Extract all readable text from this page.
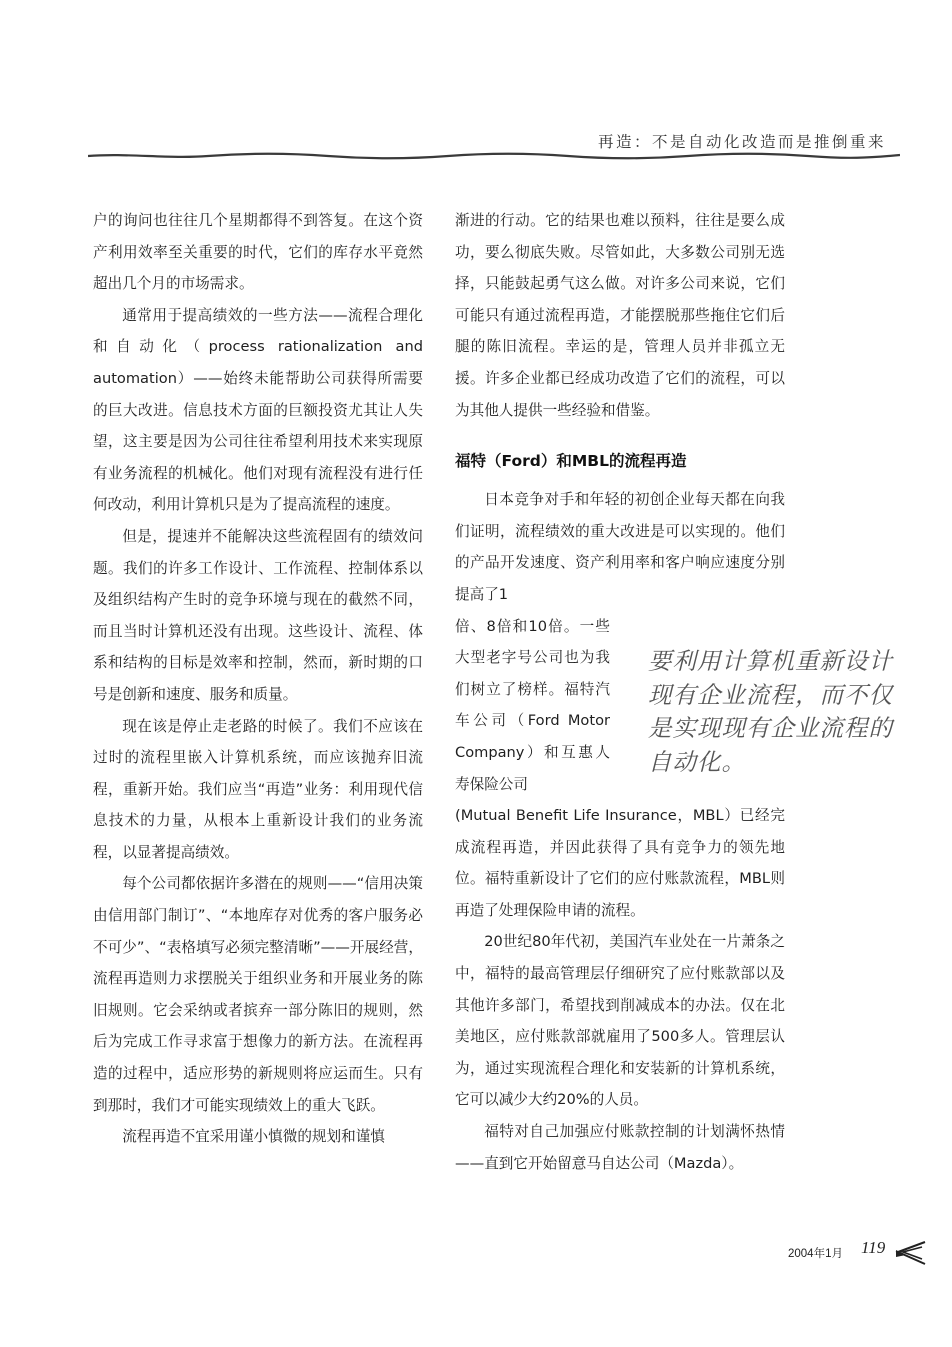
再造：不是自动化改造而是推倒重来

户的询问也往往几个星期都得不到答复。在这个资产利用效率至关重要的时代，它们的库存水平竟然超出几个月的市场需求。

通常用于提高绩效的一些方法——流程合理化和自动化（process rationalization and automation）——始终未能帮助公司获得所需要的巨大改进。信息技术方面的巨额投资尤其让人失望，这主要是因为公司往往希望利用技术来实现原有业务流程的机械化。他们对现有流程没有进行任何改动，利用计算机只是为了提高流程的速度。

但是，提速并不能解决这些流程固有的绩效问题。我们的许多工作设计、工作流程、控制体系以及组织结构产生时的竞争环境与现在的截然不同，而且当时计算机还没有出现。这些设计、流程、体系和结构的目标是效率和控制，然而，新时期的口号是创新和速度、服务和质量。

现在该是停止走老路的时候了。我们不应该在过时的流程里嵌入计算机系统，而应该抛弃旧流程，重新开始。我们应当“再造”业务：利用现代信息技术的力量，从根本上重新设计我们的业务流程，以显著提高绩效。

每个公司都依据许多潜在的规则——“信用决策由信用部门制订”、“本地库存对优秀的客户服务必不可少”、“表格填写必须完整清晰”——开展经营，流程再造则力求摆脱关于组织业务和开展业务的陈旧规则。它会采纳或者摈弃一部分陈旧的规则，然后为完成工作寻求富于想像力的新方法。在流程再造的过程中，适应形势的新规则将应运而生。只有到那时，我们才可能实现绩效上的重大飞跃。

流程再造不宜采用谨小慎微的规划和谨慎

渐进的行动。它的结果也难以预料，往往是要么成功，要么彻底失败。尽管如此，大多数公司别无选择，只能鼓起勇气这么做。对许多公司来说，它们可能只有通过流程再造，才能摆脱那些拖住它们后腿的陈旧流程。幸运的是，管理人员并非孤立无援。许多企业都已经成功改造了它们的流程，可以为其他人提供一些经验和借鉴。

福特（Ford）和MBL的流程再造

日本竞争对手和年轻的初创企业每天都在向我们证明，流程绩效的重大改进是可以实现的。他们的产品开发速度、资产利用率和客户响应速度分别提高了1

倍、8倍和10倍。一些大型老字号公司也为我们树立了榜样。福特汽车公司（Ford Motor Company）和互惠人寿保险公司

(Mutual Benefit Life Insurance，MBL）已经完成流程再造，并因此获得了具有竞争力的领先地位。福特重新设计了它们的应付账款流程，MBL则再造了处理保险申请的流程。

20世纪80年代初，美国汽车业处在一片萧条之中，福特的最高管理层仔细研究了应付账款部以及其他许多部门，希望找到削减成本的办法。仅在北美地区，应付账款部就雇用了500多人。管理层认为，通过实现流程合理化和安装新的计算机系统，它可以减少大约20%的人员。

福特对自己加强应付账款控制的计划满怀热情——直到它开始留意马自达公司（Mazda）。

要利用计算机重新设计现有企业流程，而不仅是实现现有企业流程的自动化。
2004年1月 119
